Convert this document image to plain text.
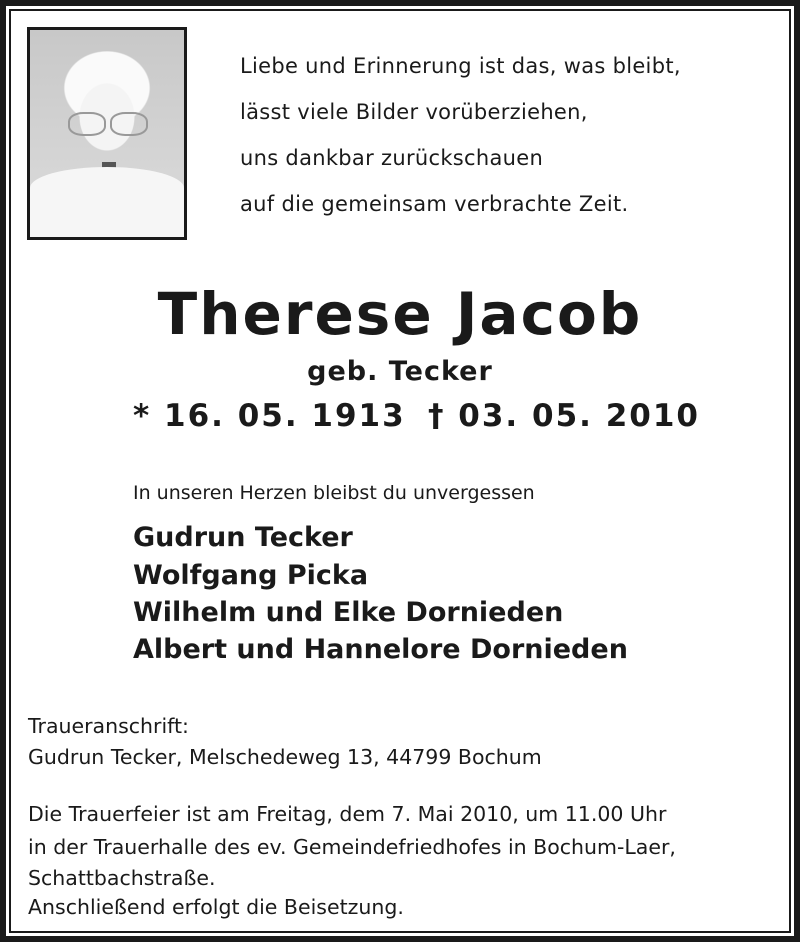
Liebe und Erinnerung ist das, was bleibt,
lässt viele Bilder vorüberziehen,
uns dankbar zurückschauen
auf die gemeinsam verbrachte Zeit.
Therese Jacob
geb. Tecker
* 16. 05. 1913 † 03. 05. 2010
In unseren Herzen bleibst du unvergessen
Gudrun Tecker
Wolfgang Picka
Wilhelm und Elke Dornieden
Albert und Hannelore Dornieden
Traueranschrift:
Gudrun Tecker, Melschedeweg 13, 44799 Bochum
Die Trauerfeier ist am Freitag, dem 7. Mai 2010, um 11.00 Uhr
in der Trauerhalle des ev. Gemeindefriedhofes in Bochum-Laer,
Schattbachstraße.
Anschließend erfolgt die Beisetzung.
